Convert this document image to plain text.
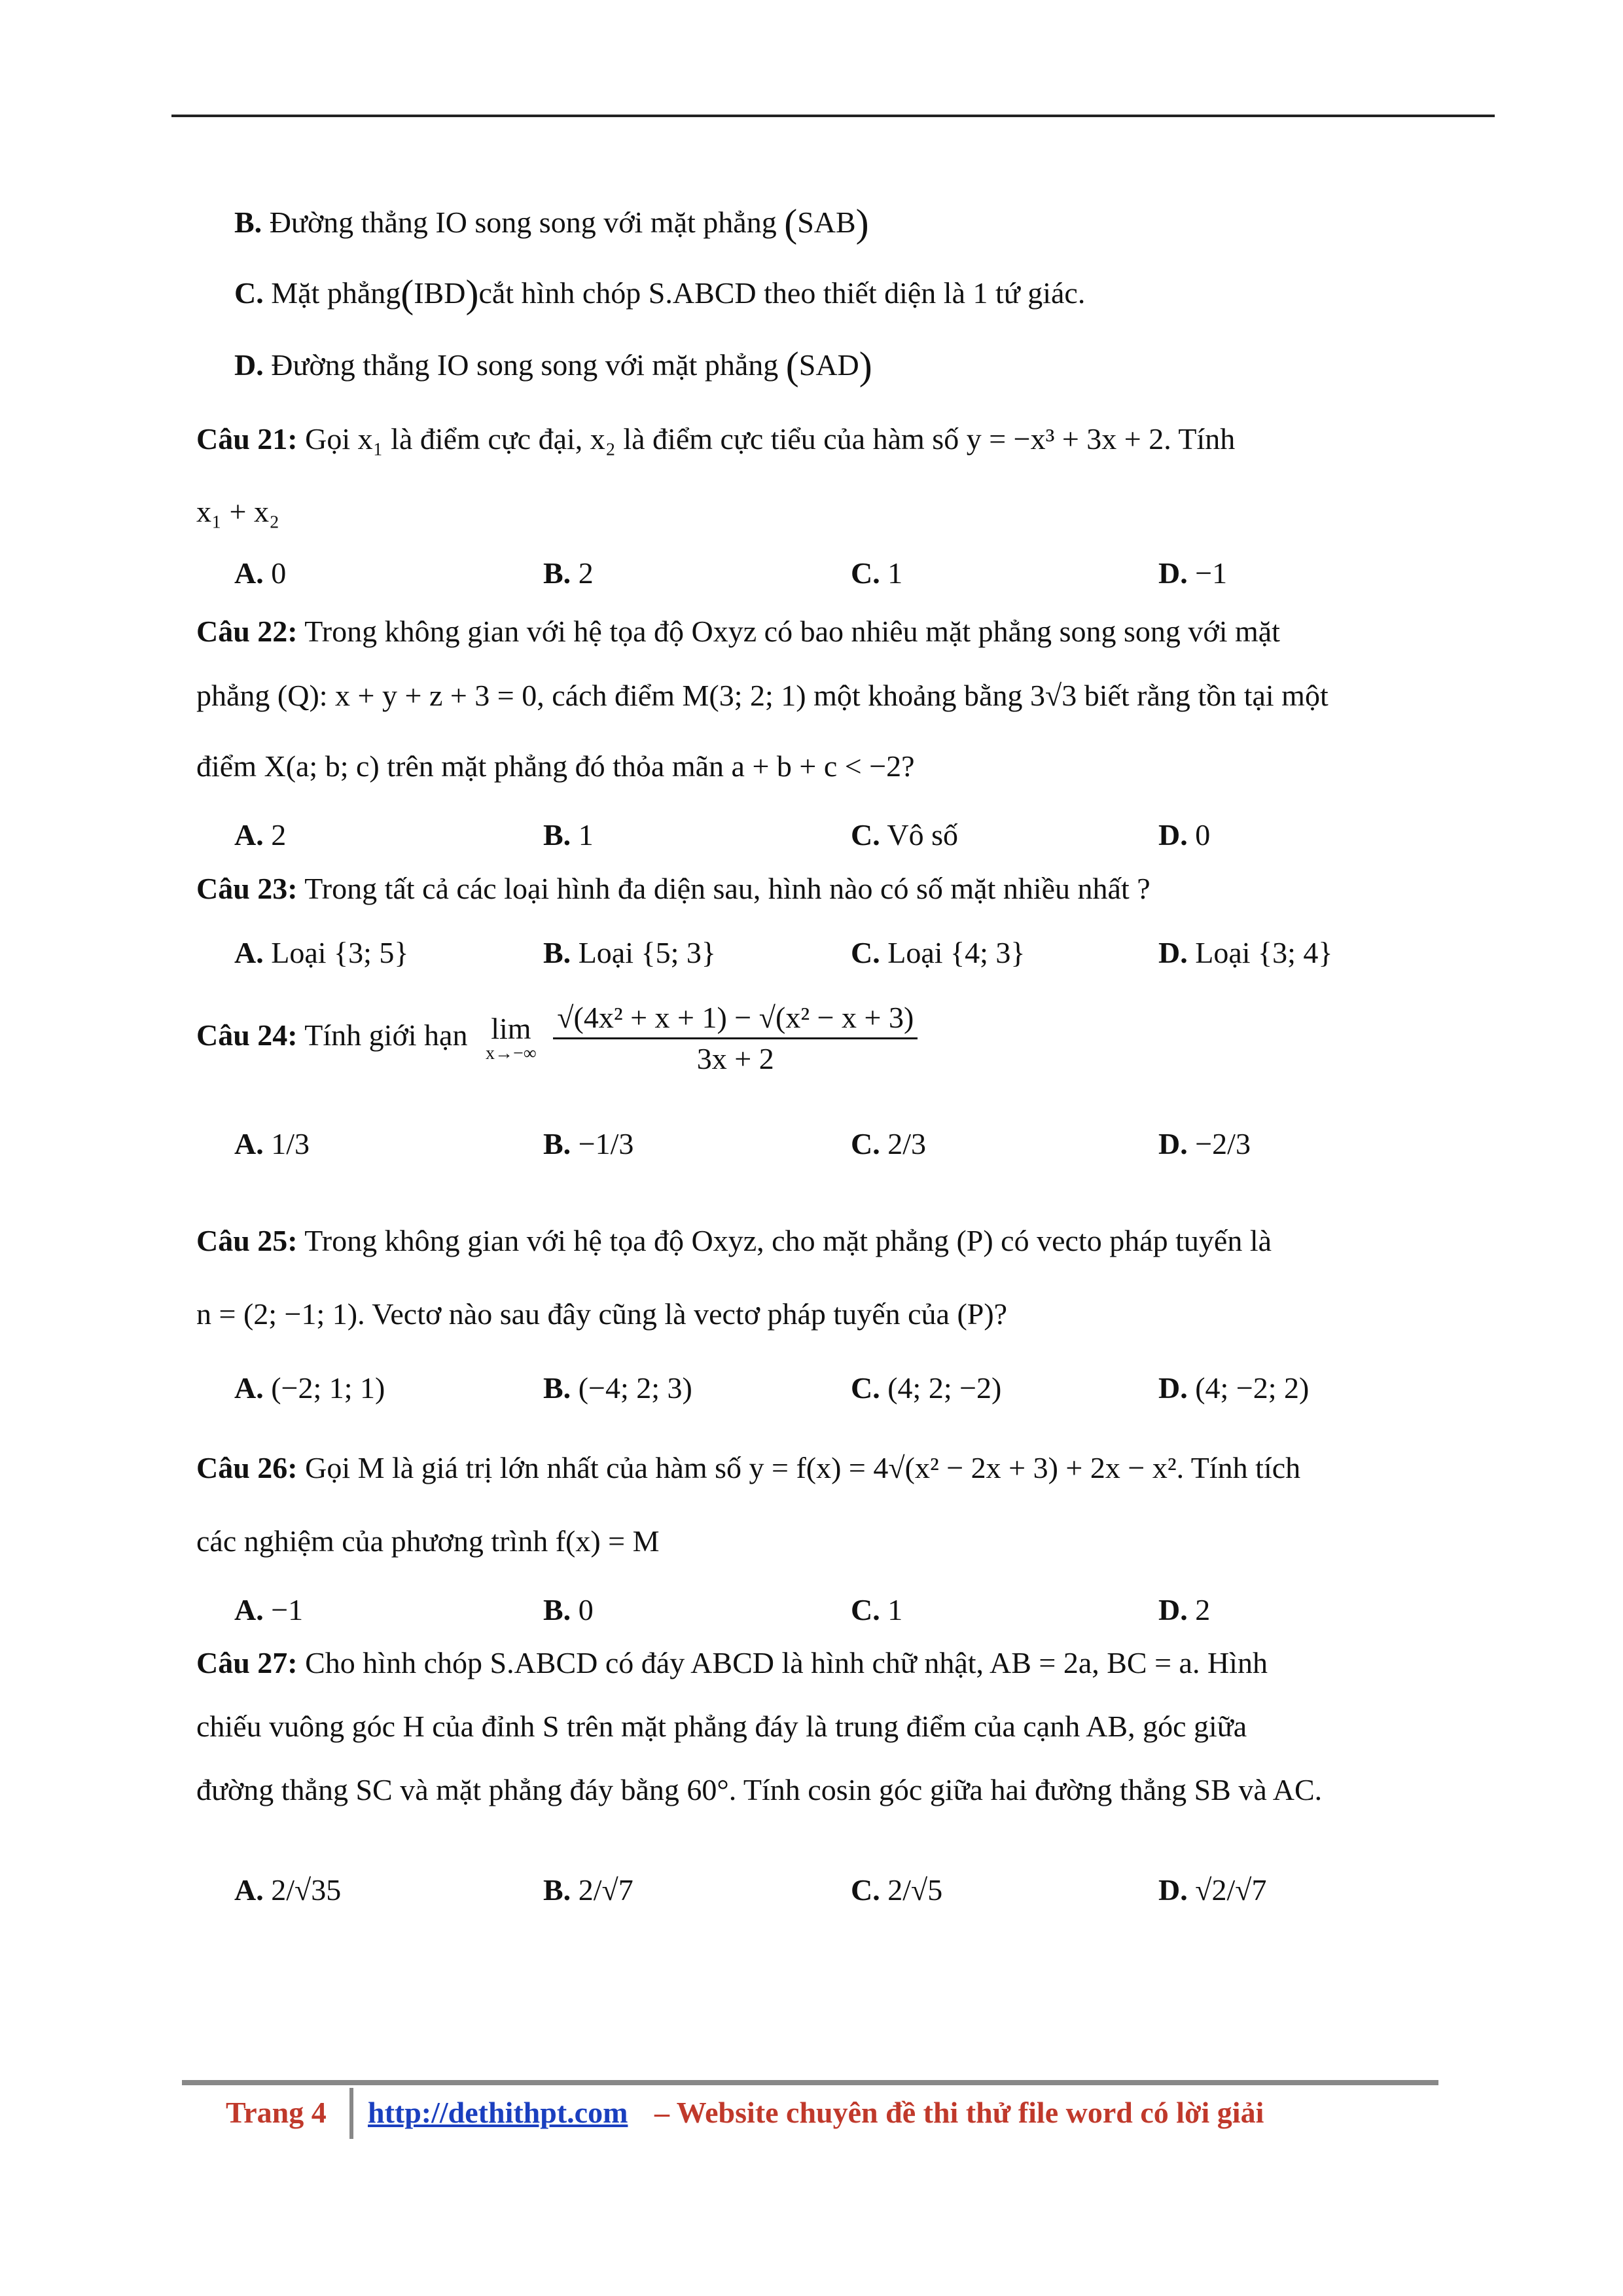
B. Đường thẳng IO song song với mặt phẳng (SAB)
C. Mặt phẳng(IBD)cắt hình chóp S.ABCD theo thiết diện là 1 tứ giác.
D. Đường thẳng IO song song với mặt phẳng (SAD)
Câu 21: Gọi x₁ là điểm cực đại, x₂ là điểm cực tiểu của hàm số y = −x³ + 3x + 2. Tính
x₁ + x₂
A. 0	B. 2	C. 1	D. −1
Câu 22: Trong không gian với hệ tọa độ Oxyz có bao nhiêu mặt phẳng song song với mặt
phẳng (Q): x + y + z + 3 = 0, cách điểm M(3; 2; 1) một khoảng bằng 3√3 biết rằng tồn tại một
điểm X(a; b; c) trên mặt phẳng đó thỏa mãn a + b + c < −2?
A. 2	B. 1	C. Vô số	D. 0
Câu 23: Trong tất cả các loại hình đa diện sau, hình nào có số mặt nhiều nhất ?
A. Loại {3; 5}	B. Loại {5; 3}	C. Loại {4; 3}	D. Loại {3; 4}
Câu 24: Tính giới hạn lim
x→−∞
$\frac{\text{√(4x² + x + 1) − √(x² − x + 3)}}{3x + 2}$
A. 1/3	B. −1/3	C. 2/3	D. −2/3
Câu 25: Trong không gian với hệ tọa độ Oxyz, cho mặt phẳng (P) có vecto pháp tuyến là
n = (2; −1; 1). Vectơ nào sau đây cũng là vectơ pháp tuyến của (P)?
A. (−2; 1; 1)	B. (−4; 2; 3)	C. (4; 2; −2)	D. (4; −2; 2)
Câu 26: Gọi M là giá trị lớn nhất của hàm số y = f(x) = 4√(x² − 2x + 3) + 2x − x². Tính tích
các nghiệm của phương trình f(x) = M
A. −1	B. 0	C. 1	D. 2
Câu 27: Cho hình chóp S.ABCD có đáy ABCD là hình chữ nhật, AB = 2a, BC = a. Hình
chiếu vuông góc H của đỉnh S trên mặt phẳng đáy là trung điểm của cạnh AB, góc giữa
đường thẳng SC và mặt phẳng đáy bằng 60°. Tính cosin góc giữa hai đường thẳng SB và AC.
A. 2/√35	B. 2/√7	C. 2/√5	D. √2/√7
Trang 4 http://dethithpt.com – Website chuyên đề thi thử file word có lời giải
